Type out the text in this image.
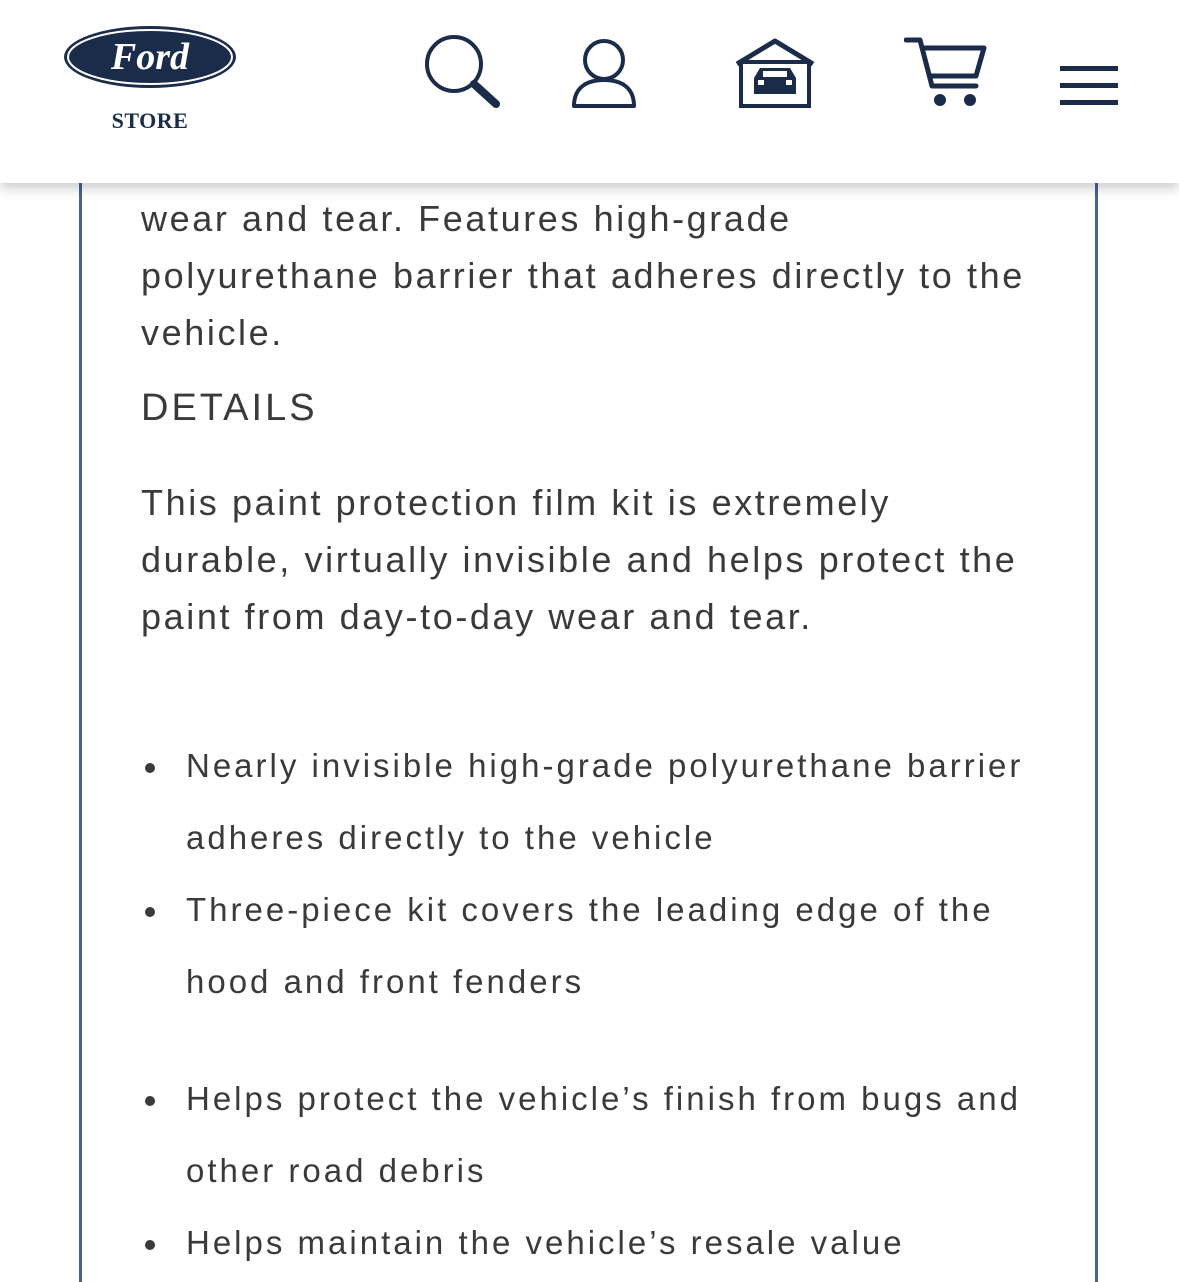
wear and tear. Features high-grade polyurethane barrier that adheres directly to the vehicle.

DETAILS

This paint protection film kit is extremely durable, virtually invisible and helps protect the paint from day-to-day wear and tear.

Nearly invisible high-grade polyurethane barrier adheres directly to the vehicle
Three-piece kit covers the leading edge of the hood and front fenders
Helps protect the vehicle’s finish from bugs and other road debris
Helps maintain the vehicle’s resale value
Ford
STORE
